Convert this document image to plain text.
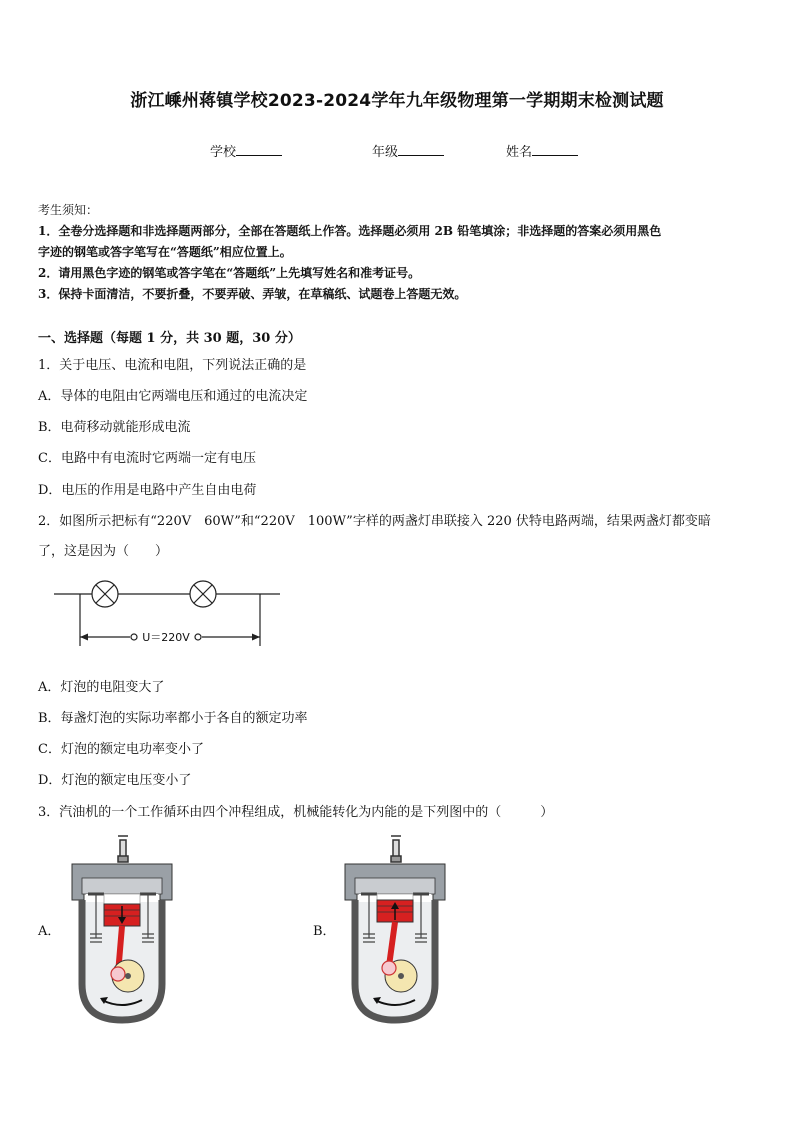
浙江嵊州蒋镇学校2023-2024学年九年级物理第一学期期末检测试题
学校	年级	姓名
考生须知：
1．全卷分选择题和非选择题两部分，全部在答题纸上作答。选择题必须用 2B 铅笔填涂；非选择题的答案必须用黑色
字迹的钢笔或答字笔写在“答题纸”相应位置上。
2．请用黑色字迹的钢笔或答字笔在“答题纸”上先填写姓名和准考证号。
3．保持卡面清洁，不要折叠，不要弄破、弄皱，在草稿纸、试题卷上答题无效。
一、选择题（每题 1 分，共 30 题，30 分）
1．关于电压、电流和电阻，下列说法正确的是
A．导体的电阻由它两端电压和通过的电流决定
B．电荷移动就能形成电流
C．电路中有电流时它两端一定有电压
D．电压的作用是电路中产生自由电荷
2．如图所示把标有“220V　60W”和“220V　100W”字样的两盏灯串联接入 220 伏特电路两端，结果两盏灯都变暗
了，这是因为（　　）
U＝220V
A．灯泡的电阻变大了
B．每盏灯泡的实际功率都小于各自的额定功率
C．灯泡的额定电功率变小了
D．灯泡的额定电压变小了
3．汽油机的一个工作循环由四个冲程组成，机械能转化为内能的是下列图中的（　　　）
A．	B．
